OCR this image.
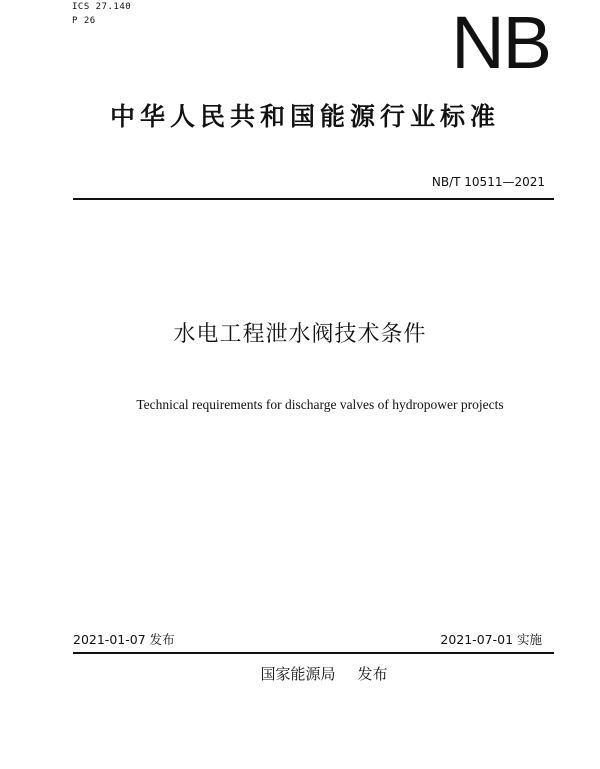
ICS 27.140
P 26	NB
中华人民共和国能源行业标准
NB/T 10511—2021
水电工程泄水阀技术条件
Technical requirements for discharge valves of hydropower projects
2021-01-07 发布	2021-07-01 实施
国家能源局 发布
